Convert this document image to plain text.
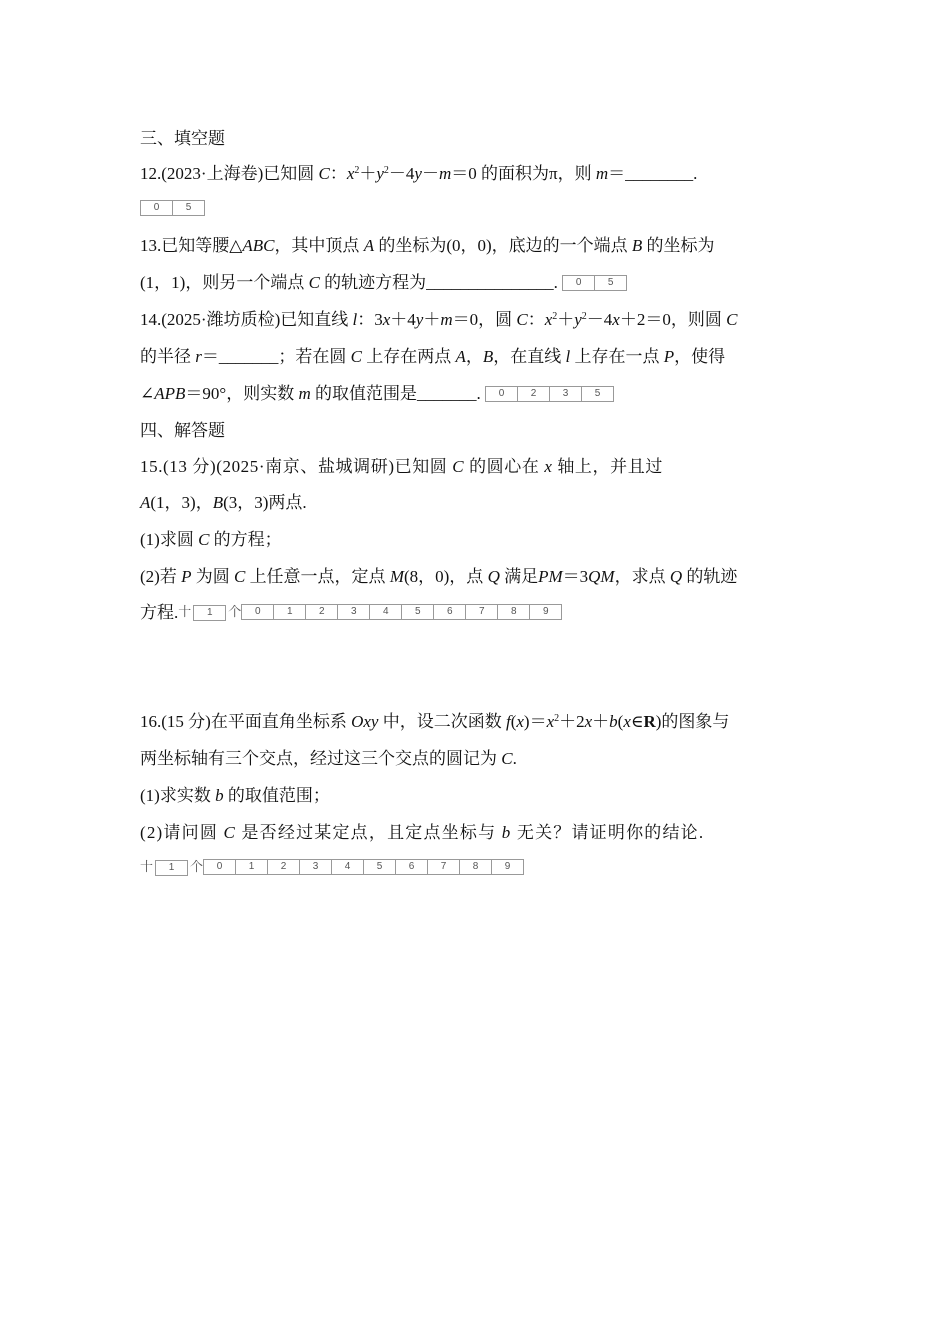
三、填空题
12.(2023·上海卷)已知圆 C：$x^2+y^2-4y-m=0$ 的面积为π，则 m＝________.
0	5
13.已知等腰△ABC，其中顶点 A 的坐标为(0，0)，底边的一个端点 B 的坐标为
(1，1)，则另一个端点 C 的轨迹方程为_______________.	0	5
14.(2025·潍坊质检)已知直线 l：3x＋4y＋m＝0，圆 C：$x^2+y^2-4x+2=0$，则圆 C
的半径 r＝_______；若在圆 C 上存在两点 A，B，在直线 l 上存在一点 P，使得
∠APB＝90°，则实数 m 的取值范围是_______.	0	2	3	5
四、解答题
15.(13 分)(2025·南京、盐城调研)已知圆 C 的圆心在 x 轴上，并且过
A(1，3)，B(3，3)两点.
(1)求圆 C 的方程；
(2)若 P 为圆 C 上任意一点，定点 M(8，0)，点 Q 满足PM＝3QM，求点 Q 的轨迹
方程. 十	1	个	0	1	2	3	4	5	6	7	8	9
16.(15 分)在平面直角坐标系 Oxy 中，设二次函数 $f(x)=x^2+2x+b(x\in R)$的图象与
两坐标轴有三个交点，经过这三个交点的圆记为 C.
(1)求实数 b 的取值范围；
(2)请问圆 C 是否经过某定点，且定点坐标与 b 无关？请证明你的结论.
十	1	个	0	1	2	3	4	5	6	7	8	9
